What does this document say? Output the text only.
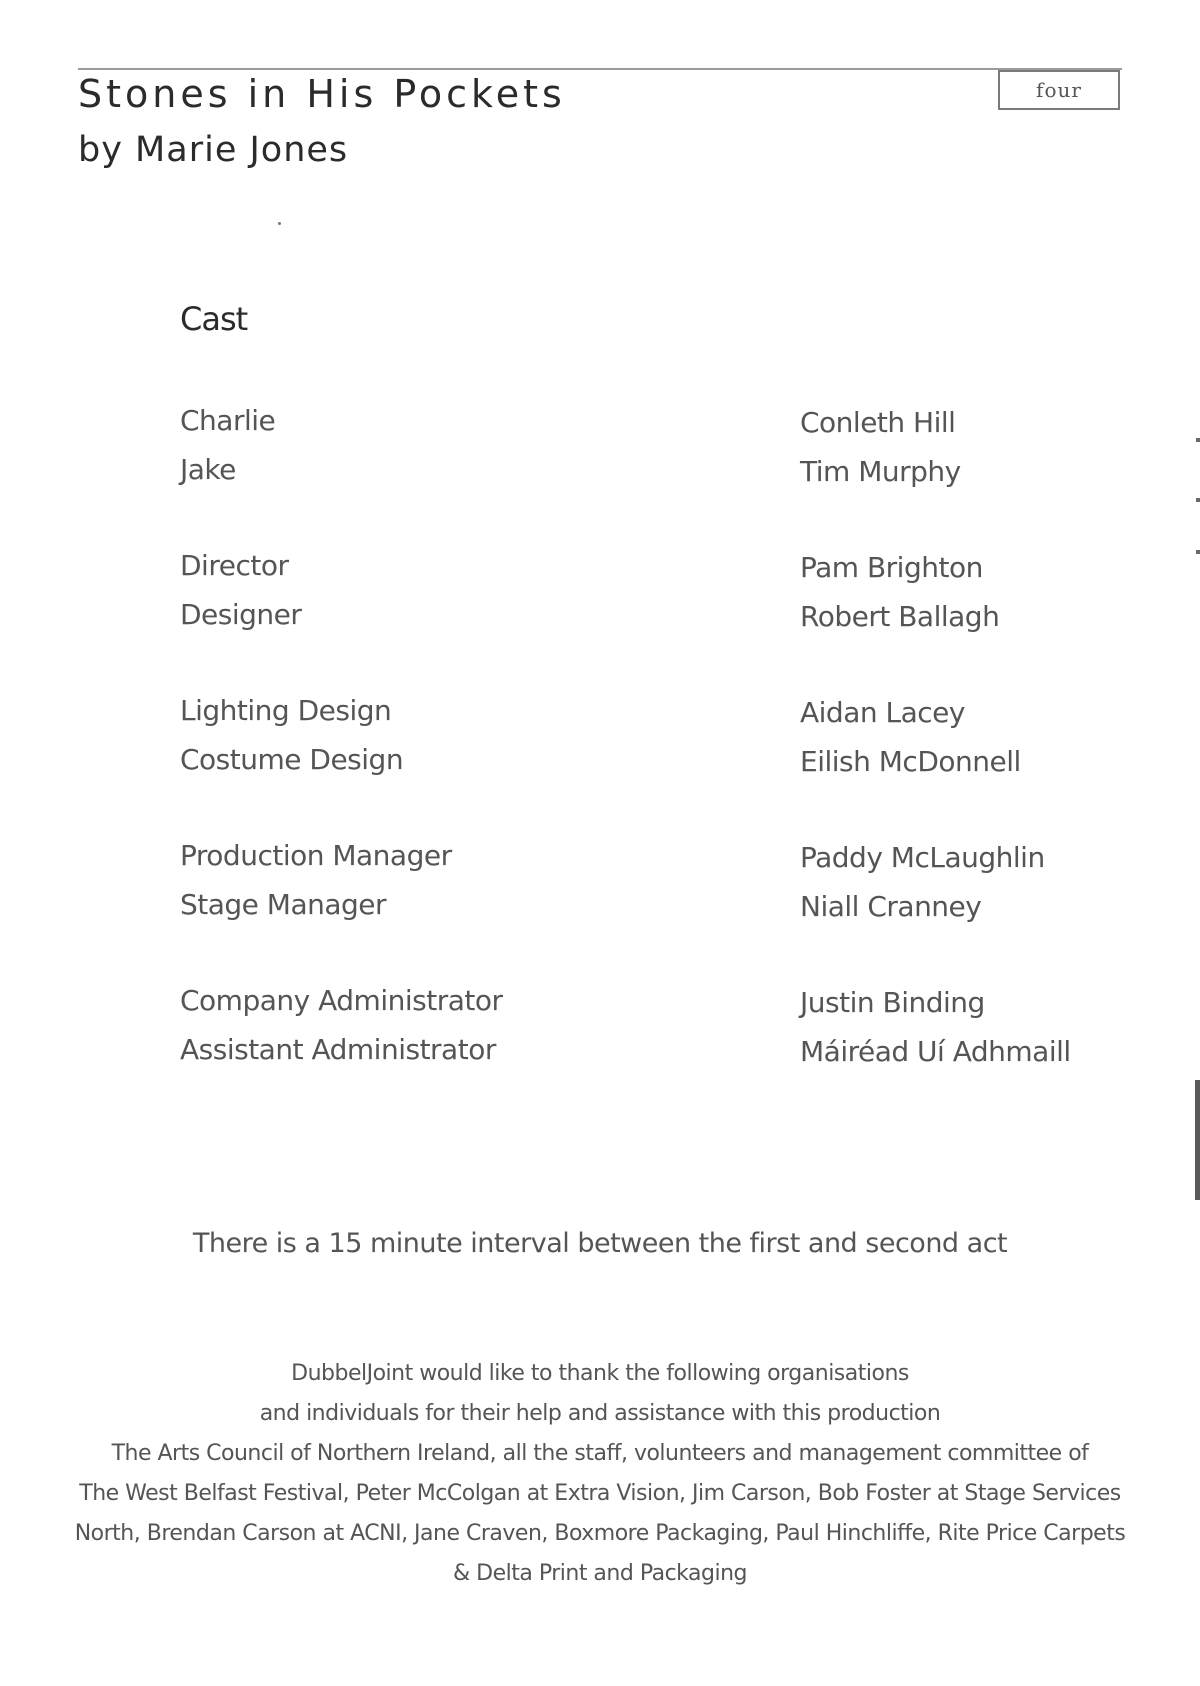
Stones in His Pockets
by Marie Jones
four
Cast
Charlie	Conleth Hill
Jake	Tim Murphy
Director	Pam Brighton
Designer	Robert Ballagh
Lighting Design	Aidan Lacey
Costume Design	Eilish McDonnell
Production Manager	Paddy McLaughlin
Stage Manager	Niall Cranney
Company Administrator	Justin Binding
Assistant Administrator	Máiréad Uí Adhmaill
There is a 15 minute interval between the first and second act
DubbelJoint would like to thank the following organisations
and individuals for their help and assistance with this production
The Arts Council of Northern Ireland, all the staff, volunteers and management committee of
The West Belfast Festival, Peter McColgan at Extra Vision, Jim Carson, Bob Foster at Stage Services
North, Brendan Carson at ACNI, Jane Craven, Boxmore Packaging, Paul Hinchliffe, Rite Price Carpets
& Delta Print and Packaging
